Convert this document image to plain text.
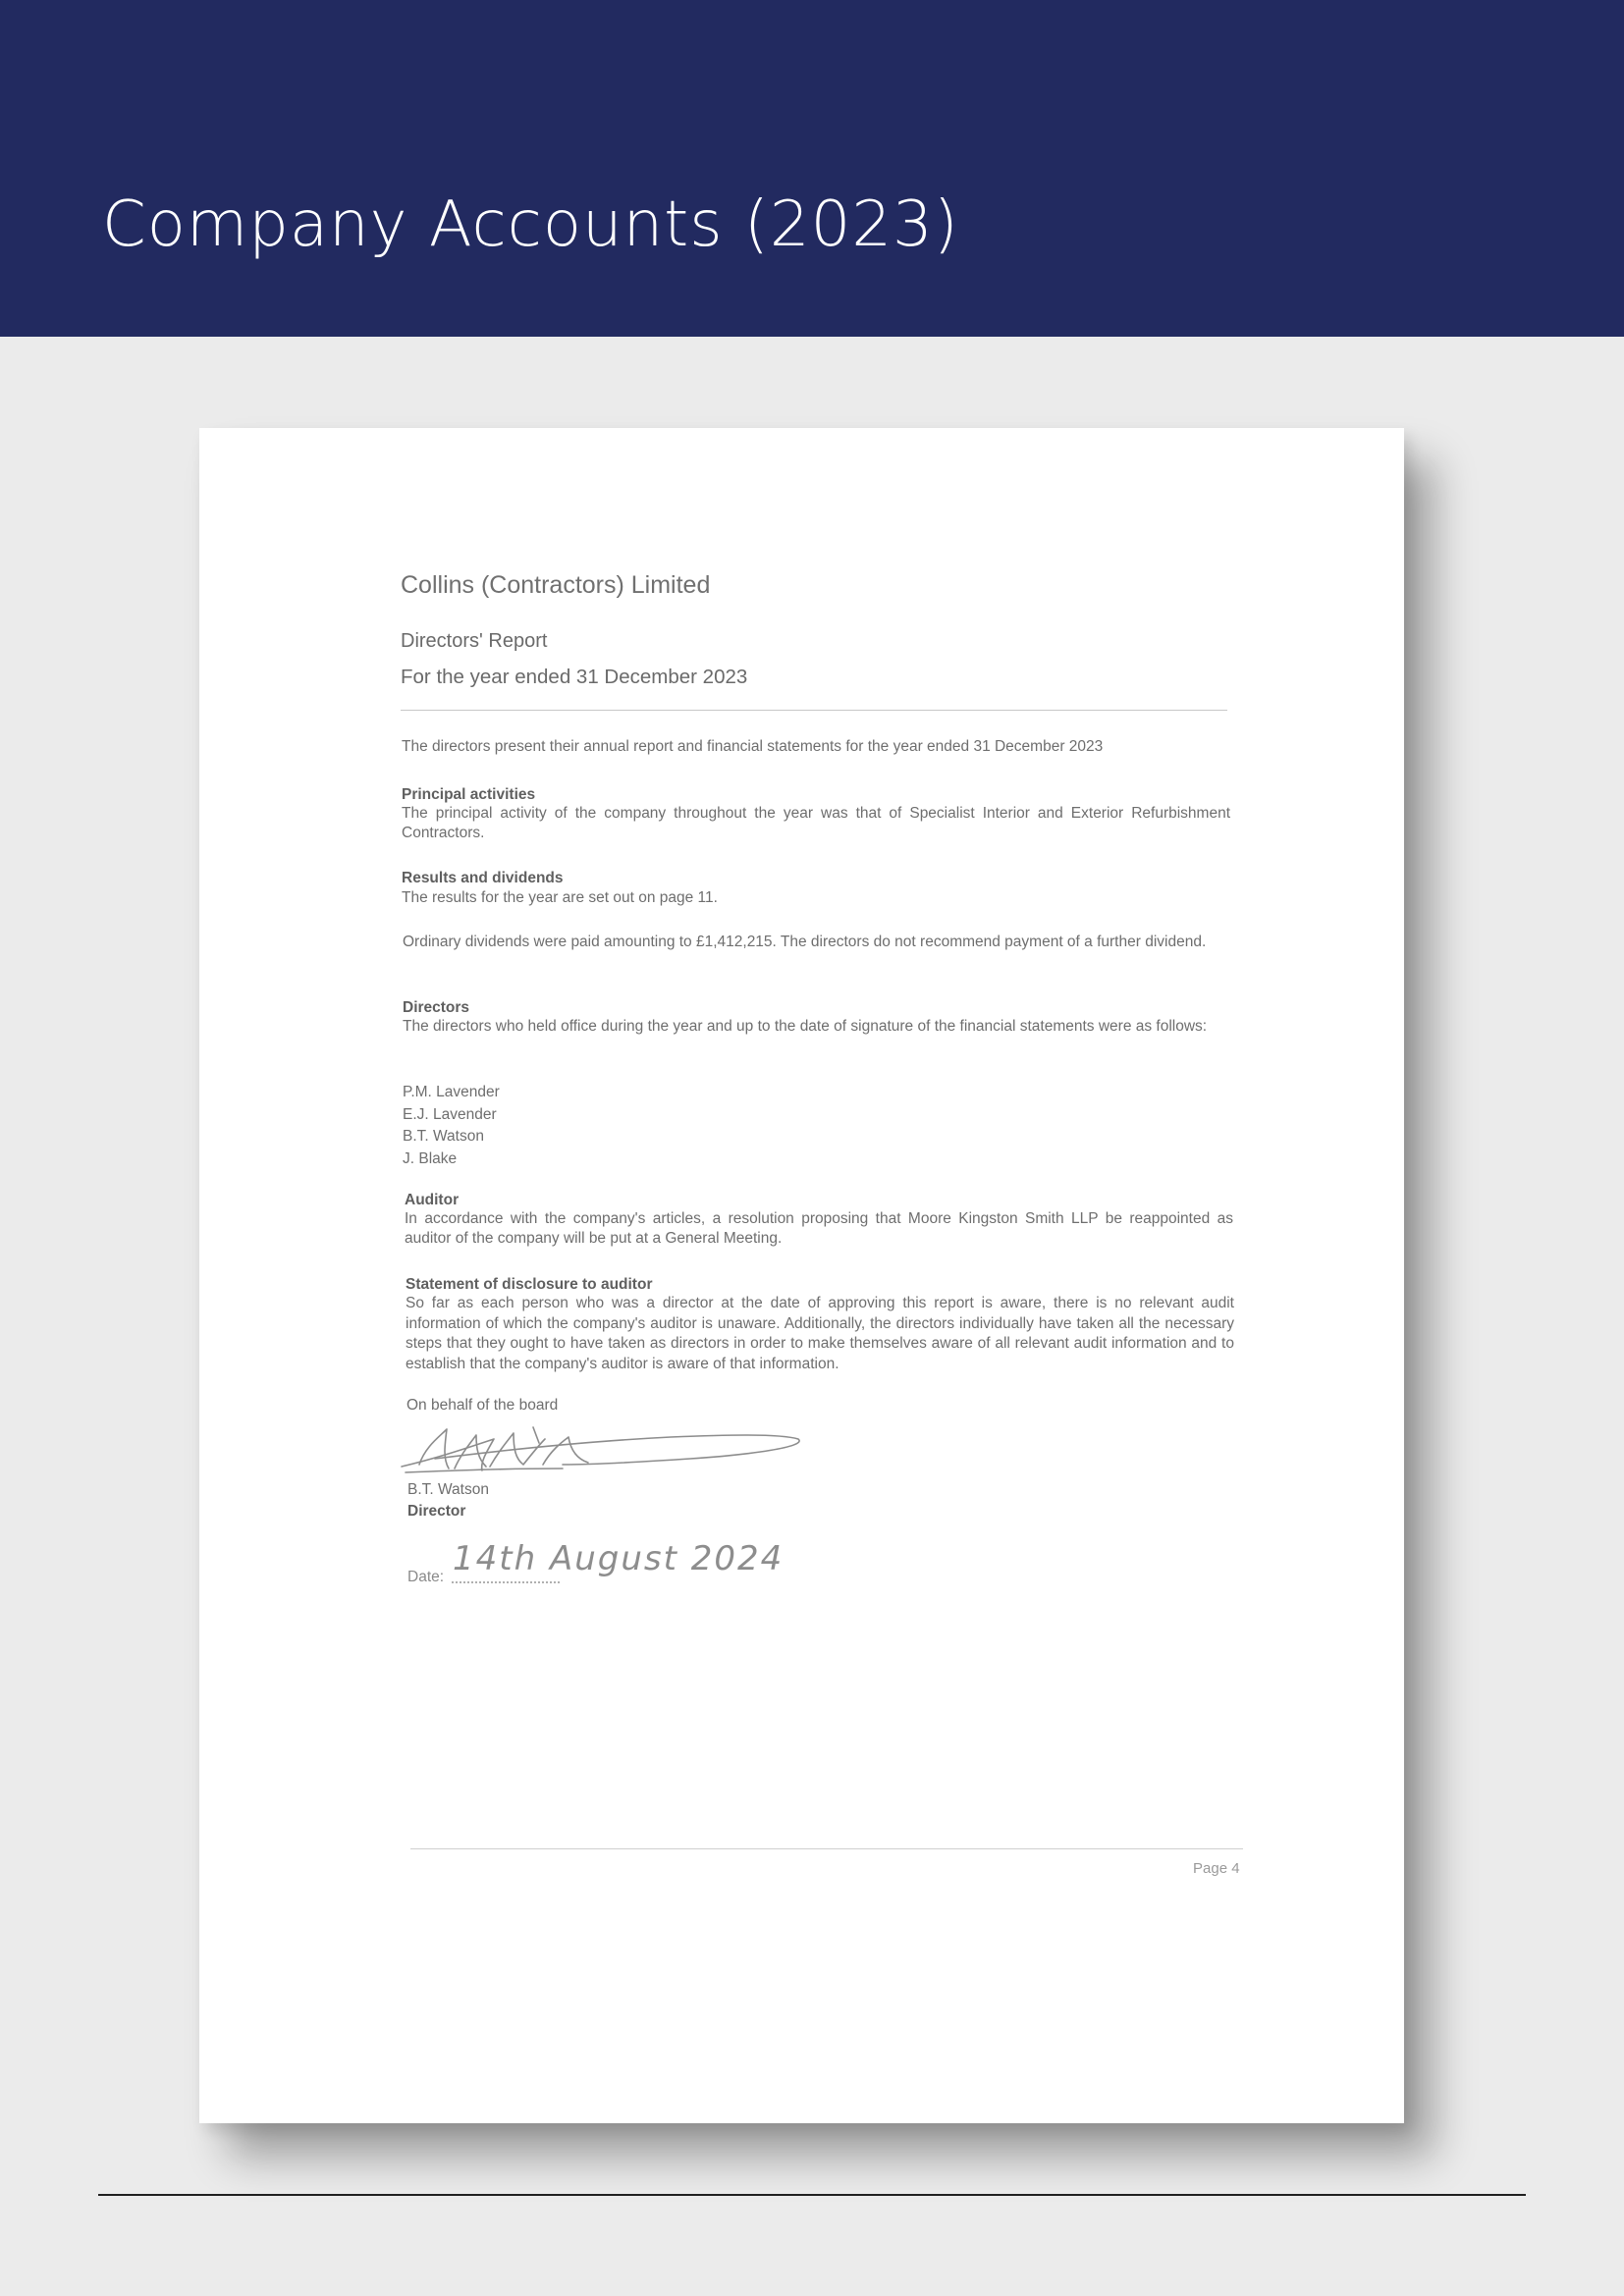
Company Accounts (2023)
Collins (Contractors) Limited
Directors' Report
For the year ended 31 December 2023
The directors present their annual report and financial statements for the year ended 31 December 2023
Principal activities
The principal activity of the company throughout the year was that of Specialist Interior and Exterior Refurbishment Contractors.
Results and dividends
The results for the year are set out on page 11.
Ordinary dividends were paid amounting to £1,412,215. The directors do not recommend payment of a further dividend.
Directors
The directors who held office during the year and up to the date of signature of the financial statements were as follows:
P.M. Lavender
E.J. Lavender
B.T. Watson
J. Blake
Auditor
In accordance with the company's articles, a resolution proposing that Moore Kingston Smith LLP be reappointed as auditor of the company will be put at a General Meeting.
Statement of disclosure to auditor
So far as each person who was a director at the date of approving this report is aware, there is no relevant audit information of which the company's auditor is unaware. Additionally, the directors individually have taken all the necessary steps that they ought to have taken as directors in order to make themselves aware of all relevant audit information and to establish that the company's auditor is aware of that information.
On behalf of the board
B.T. Watson
Director
Date: 14th August 2024
Page 4
